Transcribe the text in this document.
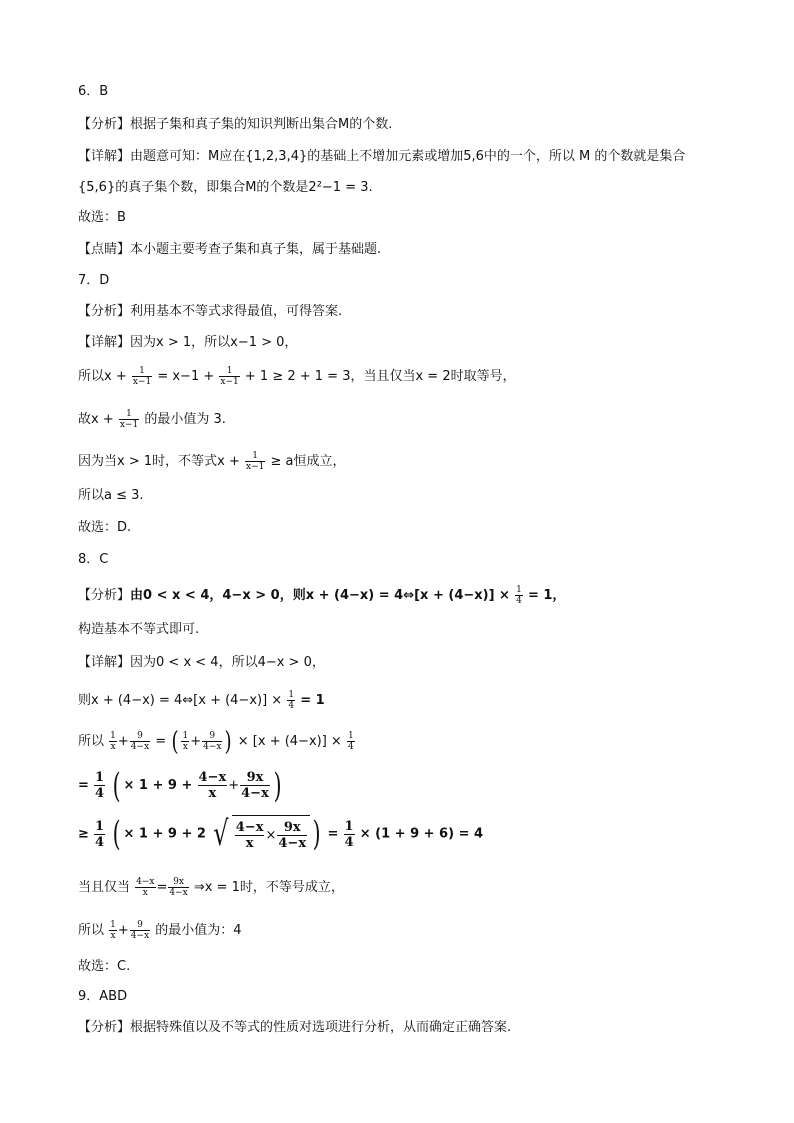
6．B
【分析】根据子集和真子集的知识判断出集合M的个数.
【详解】由题意可知：M应在{1,2,3,4}的基础上不增加元素或增加5,6中的一个，所以 M 的个数就是集合
{5,6}的真子集个数，即集合M的个数是2²−1 = 3.
故选：B
【点睛】本小题主要考查子集和真子集，属于基础题.
7．D
【分析】利用基本不等式求得最值，可得答案.
【详解】因为x > 1，所以x−1 > 0，
所以$x + \frac{1}{x-1} = x-1 + \frac{1}{x-1} + 1 \ge 2 + 1 = 3$，当且仅当x = 2时取等号，
故$x + \frac{1}{x-1}$ 的最小值为 3.
因为当x > 1时，不等式$x + \frac{1}{x-1} \ge a$恒成立，
所以a ≤ 3.
故选：D.
8．C
【分析】由0 < x < 4，4−x > 0，则x + (4−x) = 4⇔[x + $(4-x)] \times \frac{1}{4} = 1$，
构造基本不等式即可.
【详解】因为0 < x < 4，所以4−x > 0，
则x + (4−x) = 4⇔[x + $(4-x)] \times \frac{1}{4} = 1$
所以 $\frac{1}{x} + \frac{9}{4-x}$ = ( $\frac{1}{x} + \frac{9}{4-x}$ ) × $[x + (4-x)] \times \frac{1}{4}$
= $\frac{1}{4}$ ( × $1 + 9 + \frac{4-x}{x} + \frac{9x}{4-x}$ )
≥ $\frac{1}{4}$ ( × 1 + 9 + 2 √ $\frac{4-x}{x} \times \frac{9x}{4-x}$ ) = $\frac{1}{4} \times (1 + 9 + 6) = 4$
当且仅当 $\frac{4-x}{x} = \frac{9x}{4-x}$ ⇒x = 1时，不等号成立，
所以 $\frac{1}{x} + \frac{9}{4-x}$ 的最小值为：4
故选：C.
9．ABD
【分析】根据特殊值以及不等式的性质对选项进行分析，从而确定正确答案.
